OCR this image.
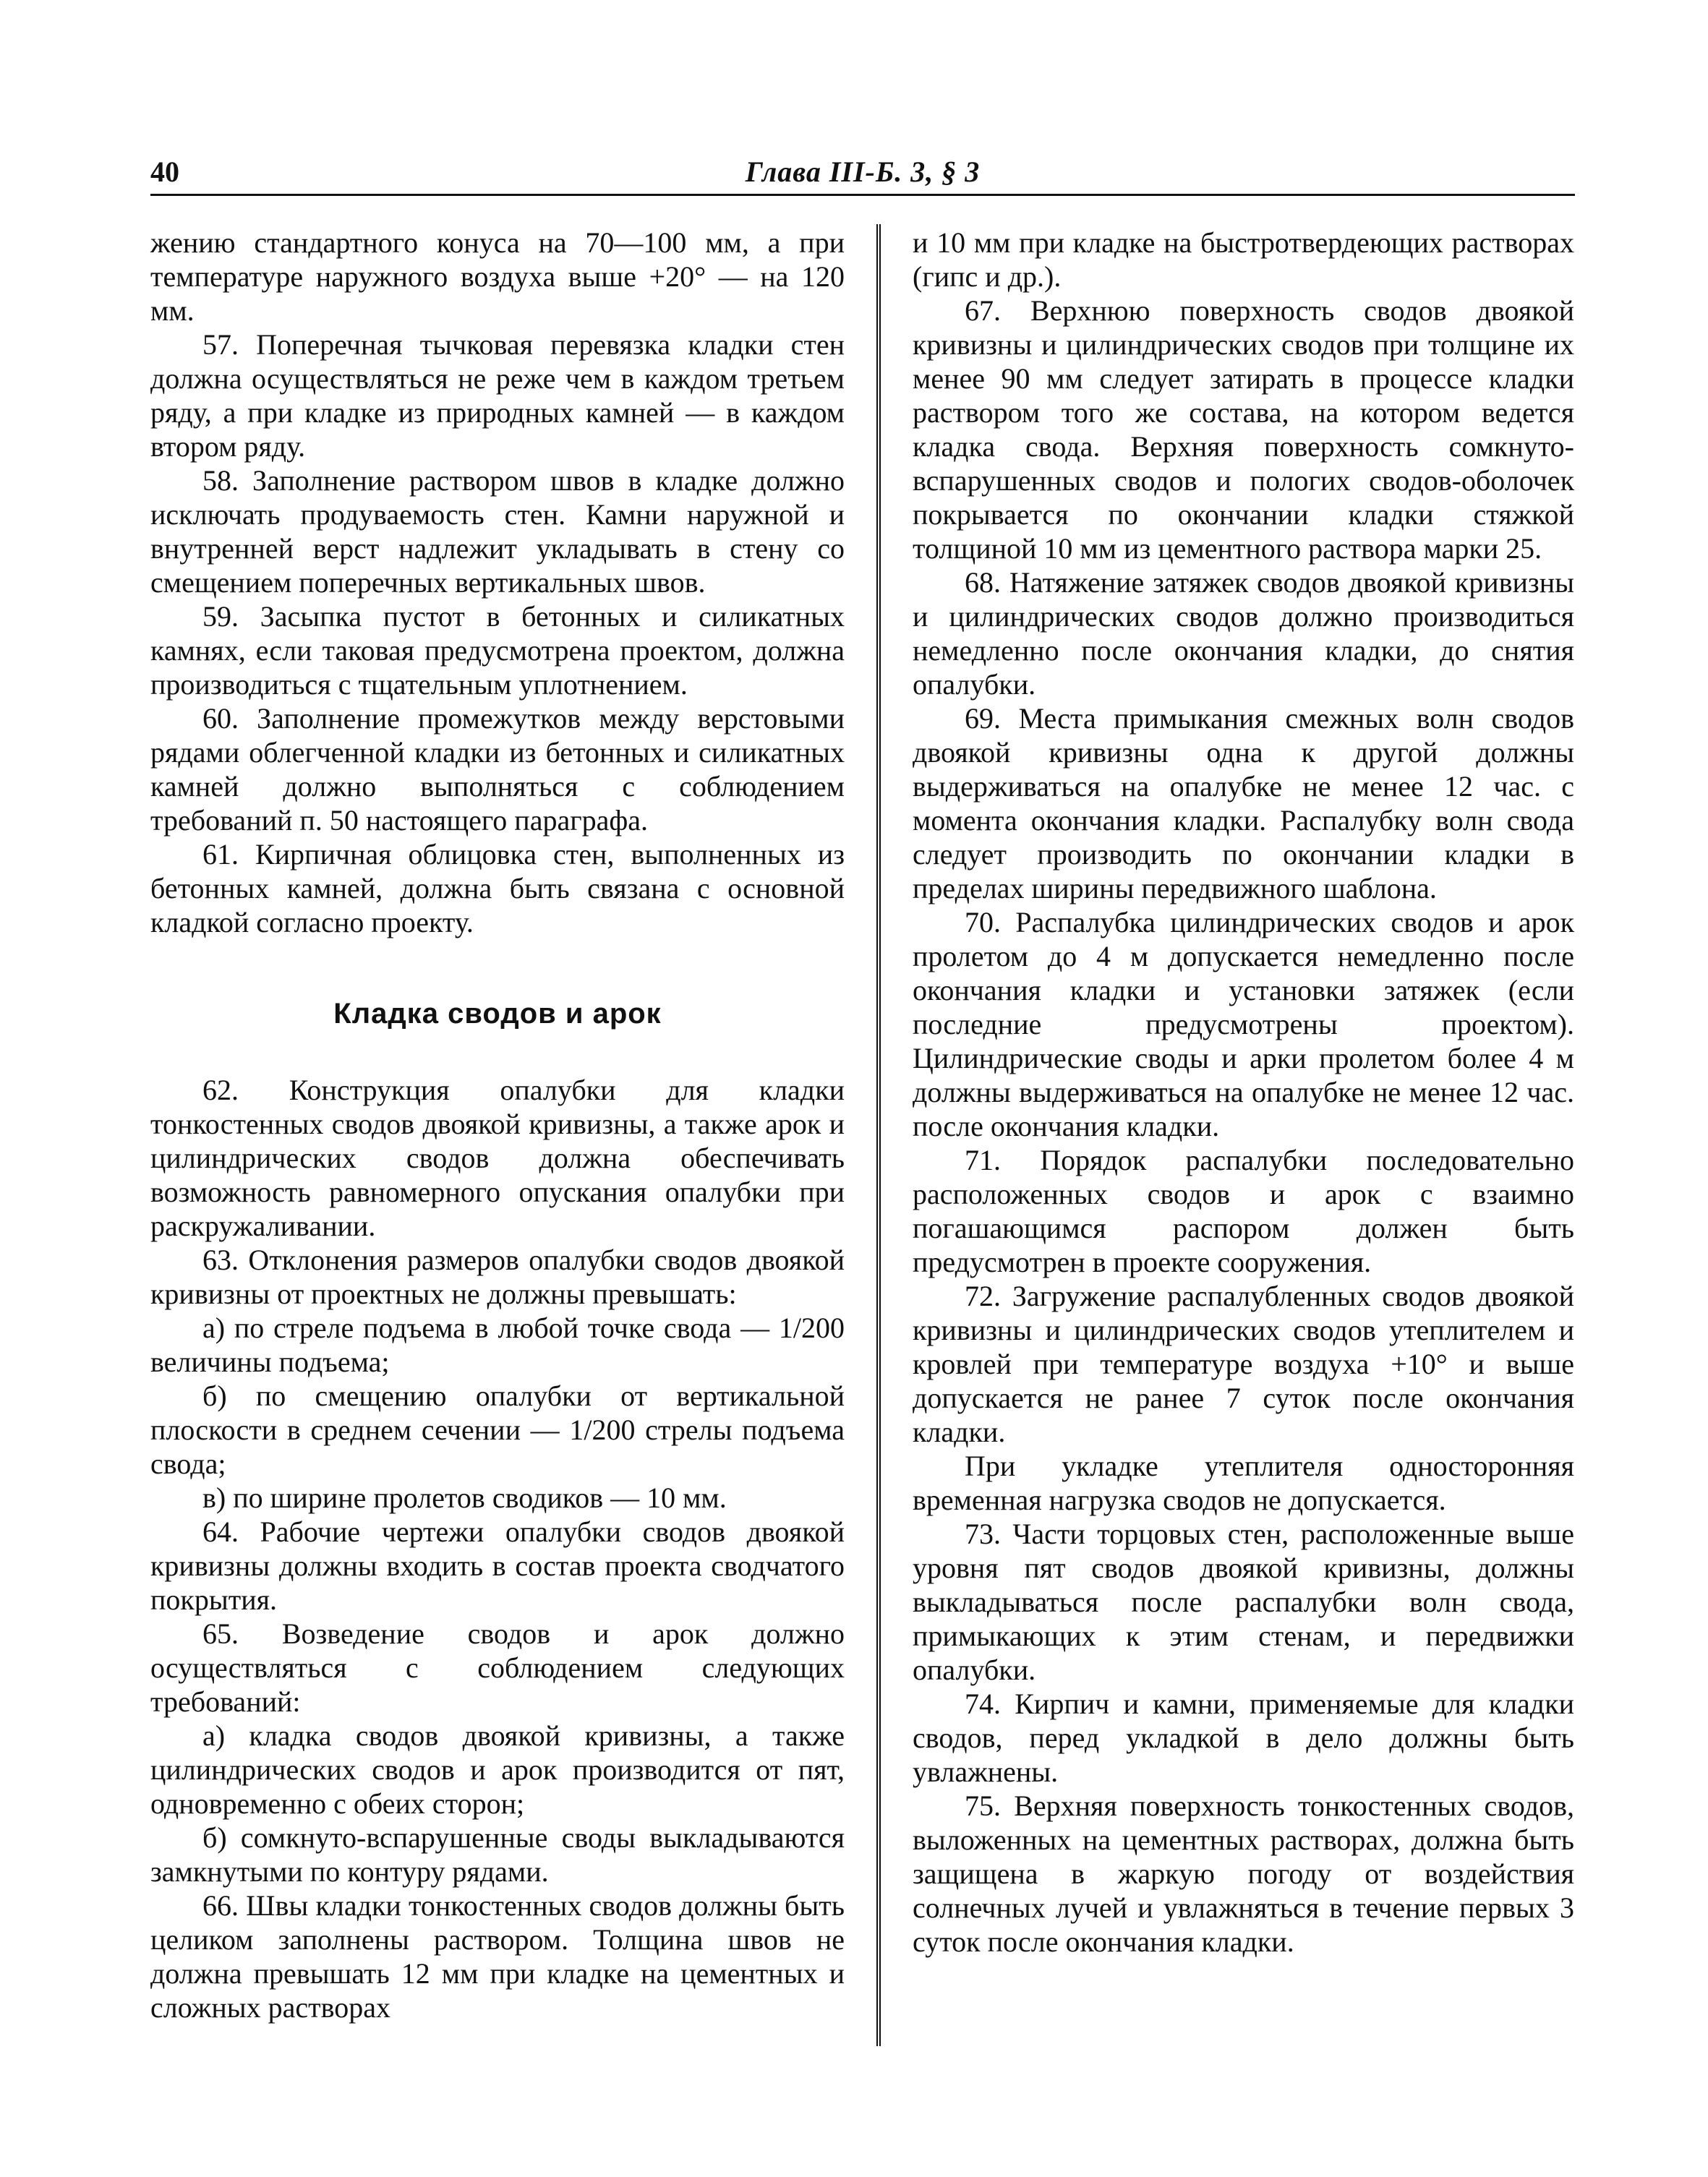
40	Глава III-Б. 3, § 3

жению стандартного конуса на 70—100 мм, а при температуре наружного воздуха выше +20° — на 120 мм.

57. Поперечная тычковая перевязка кладки стен должна осуществляться не реже чем в каждом третьем ряду, а при кладке из природных камней — в каждом втором ряду.

58. Заполнение раствором швов в кладке должно исключать продуваемость стен. Камни наружной и внутренней верст надлежит укладывать в стену со смещением поперечных вертикальных швов.

59. Засыпка пустот в бетонных и силикатных камнях, если таковая предусмотрена проектом, должна производиться с тщательным уплотнением.

60. Заполнение промежутков между верстовыми рядами облегченной кладки из бетонных и силикатных камней должно выполняться с соблюдением требований п. 50 настоящего параграфа.

61. Кирпичная облицовка стен, выполненных из бетонных камней, должна быть связана с основной кладкой согласно проекту.

Кладка сводов и арок

62. Конструкция опалубки для кладки тонкостенных сводов двоякой кривизны, а также арок и цилиндрических сводов должна обеспечивать возможность равномерного опускания опалубки при раскружаливании.

63. Отклонения размеров опалубки сводов двоякой кривизны от проектных не должны превышать:

а) по стреле подъема в любой точке свода — 1/200 величины подъема;

б) по смещению опалубки от вертикальной плоскости в среднем сечении — 1/200 стрелы подъема свода;

в) по ширине пролетов сводиков — 10 мм.

64. Рабочие чертежи опалубки сводов двоякой кривизны должны входить в состав проекта сводчатого покрытия.

65. Возведение сводов и арок должно осуществляться с соблюдением следующих требований:

а) кладка сводов двоякой кривизны, а также цилиндрических сводов и арок производится от пят, одновременно с обеих сторон;

б) сомкнуто-вспарушенные своды выкладываются замкнутыми по контуру рядами.

66. Швы кладки тонкостенных сводов должны быть целиком заполнены раствором. Толщина швов не должна превышать 12 мм при кладке на цементных и сложных растворах

и 10 мм при кладке на быстротвердеющих растворах (гипс и др.).

67. Верхнюю поверхность сводов двоякой кривизны и цилиндрических сводов при толщине их менее 90 мм следует затирать в процессе кладки раствором того же состава, на котором ведется кладка свода. Верхняя поверхность сомкнуто-вспарушенных сводов и пологих сводов-оболочек покрывается по окончании кладки стяжкой толщиной 10 мм из цементного раствора марки 25.

68. Натяжение затяжек сводов двоякой кривизны и цилиндрических сводов должно производиться немедленно после окончания кладки, до снятия опалубки.

69. Места примыкания смежных волн сводов двоякой кривизны одна к другой должны выдерживаться на опалубке не менее 12 час. с момента окончания кладки. Распалубку волн свода следует производить по окончании кладки в пределах ширины передвижного шаблона.

70. Распалубка цилиндрических сводов и арок пролетом до 4 м допускается немедленно после окончания кладки и установки затяжек (если последние предусмотрены проектом). Цилиндрические своды и арки пролетом более 4 м должны выдерживаться на опалубке не менее 12 час. после окончания кладки.

71. Порядок распалубки последовательно расположенных сводов и арок с взаимно погашающимся распором должен быть предусмотрен в проекте сооружения.

72. Загружение распалубленных сводов двоякой кривизны и цилиндрических сводов утеплителем и кровлей при температуре воздуха +10° и выше допускается не ранее 7 суток после окончания кладки.

При укладке утеплителя односторонняя временная нагрузка сводов не допускается.

73. Части торцовых стен, расположенные выше уровня пят сводов двоякой кривизны, должны выкладываться после распалубки волн свода, примыкающих к этим стенам, и передвижки опалубки.

74. Кирпич и камни, применяемые для кладки сводов, перед укладкой в дело должны быть увлажнены.

75. Верхняя поверхность тонкостенных сводов, выложенных на цементных растворах, должна быть защищена в жаркую погоду от воздействия солнечных лучей и увлажняться в течение первых 3 суток после окончания кладки.
